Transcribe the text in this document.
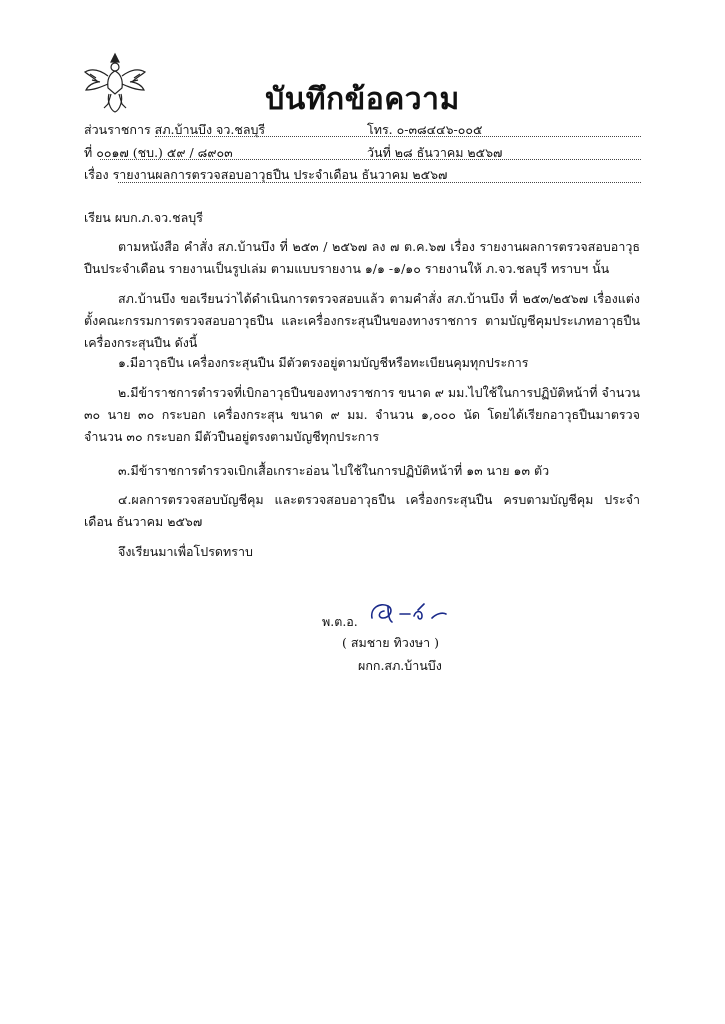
บันทึกข้อความ
ส่วนราชการ สภ.บ้านบึง จว.ชลบุรี	โทร. ๐-๓๘๔๔๖-๐๐๕
ที่ ๐๐๑๗ (ชบ.) ๕๙ / ๘๙๐๓	วันที่ ๒๘ ธันวาคม ๒๕๖๗
เรื่อง รายงานผลการตรวจสอบอาวุธปืน ประจำเดือน ธันวาคม ๒๕๖๗
เรียน ผบก.ภ.จว.ชลบุรี
ตามหนังสือ คำสั่ง สภ.บ้านบึง ที่ ๒๕๓ / ๒๕๖๗ ลง ๗ ต.ค.๖๗ เรื่อง รายงานผลการตรวจสอบอาวุธปืนประจำเดือน รายงานเป็นรูปเล่ม ตามแบบรายงาน ๑/๑ -๑/๑๐ รายงานให้ ภ.จว.ชลบุรี ทราบฯ นั้น
สภ.บ้านบึง ขอเรียนว่าได้ดำเนินการตรวจสอบแล้ว ตามคำสั่ง สภ.บ้านบึง ที่ ๒๕๓/๒๕๖๗ เรื่องแต่งตั้งคณะกรรมการตรวจสอบอาวุธปืน และเครื่องกระสุนปืนของทางราชการ ตามบัญชีคุมประเภทอาวุธปืน เครื่องกระสุนปืน ดังนี้
๑.มีอาวุธปืน เครื่องกระสุนปืน มีตัวตรงอยู่ตามบัญชีหรือทะเบียนคุมทุกประการ
๒.มีข้าราชการตำรวจที่เบิกอาวุธปืนของทางราชการ ขนาด ๙ มม.ไปใช้ในการปฏิบัติหน้าที่ จำนวน ๓๐ นาย ๓๐ กระบอก เครื่องกระสุน ขนาด ๙ มม. จำนวน ๑,๐๐๐ นัด โดยได้เรียกอาวุธปืนมาตรวจ จำนวน ๓๐ กระบอก มีตัวปืนอยู่ตรงตามบัญชีทุกประการ
๓.มีข้าราชการตำรวจเบิกเสื้อเกราะอ่อน ไปใช้ในการปฏิบัติหน้าที่ ๑๓ นาย ๑๓ ตัว
๔.ผลการตรวจสอบบัญชีคุม และตรวจสอบอาวุธปืน เครื่องกระสุนปืน ครบตามบัญชีคุม ประจำเดือน ธันวาคม ๒๕๖๗
จึงเรียนมาเพื่อโปรดทราบ
พ.ต.อ.
( สมชาย ทิวงษา )
ผกก.สภ.บ้านบึง
